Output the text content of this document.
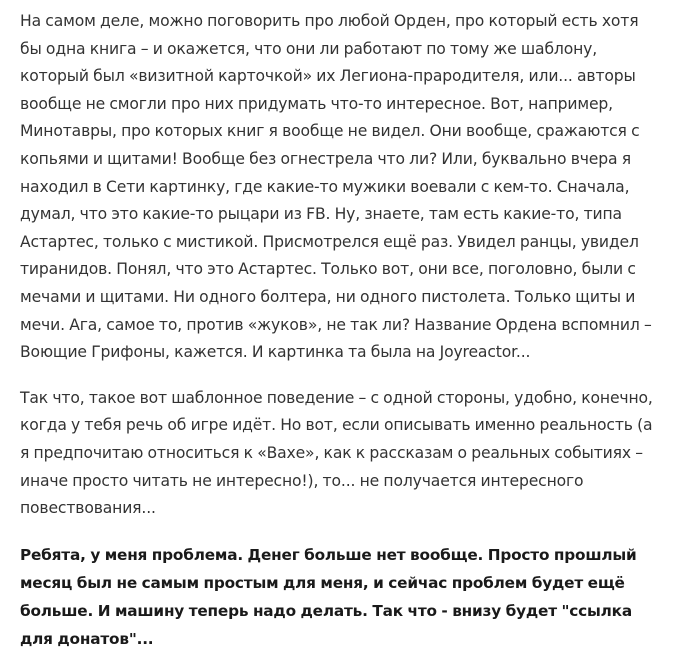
На самом деле, можно поговорить про любой Орден, про который есть хотя бы одна книга – и окажется, что они ли работают по тому же шаблону, который был «визитной карточкой» их Легиона-прародителя, или... авторы вообще не смогли про них придумать что-то интересное. Вот, например, Минотавры, про которых книг я вообще не видел. Они вообще, сражаются с копьями и щитами! Вообще без огнестрела что ли? Или, буквально вчера я находил в Сети картинку, где какие-то мужики воевали с кем-то. Сначала, думал, что это какие-то рыцари из FB. Ну, знаете, там есть какие-то, типа Астартес, только с мистикой. Присмотрелся ещё раз. Увидел ранцы, увидел тиранидов. Понял, что это Астартес. Только вот, они все, поголовно, были с мечами и щитами. Ни одного болтера, ни одного пистолета. Только щиты и мечи. Ага, самое то, против «жуков», не так ли? Название Ордена вспомнил – Воющие Грифоны, кажется. И картинка та была на Joyreactor...

Так что, такое вот шаблонное поведение – с одной стороны, удобно, конечно, когда у тебя речь об игре идёт. Но вот, если описывать именно реальность (а я предпочитаю относиться к «Вахе», как к рассказам о реальных событиях –иначе просто читать не интересно!), то... не получается интересного повествования...

Ребята, у меня проблема. Денег больше нет вообще. Просто прошлый месяц был не самым простым для меня, и сейчас проблем будет ещё больше. И машину теперь надо делать. Так что - внизу будет "ссылка для донатов"...
